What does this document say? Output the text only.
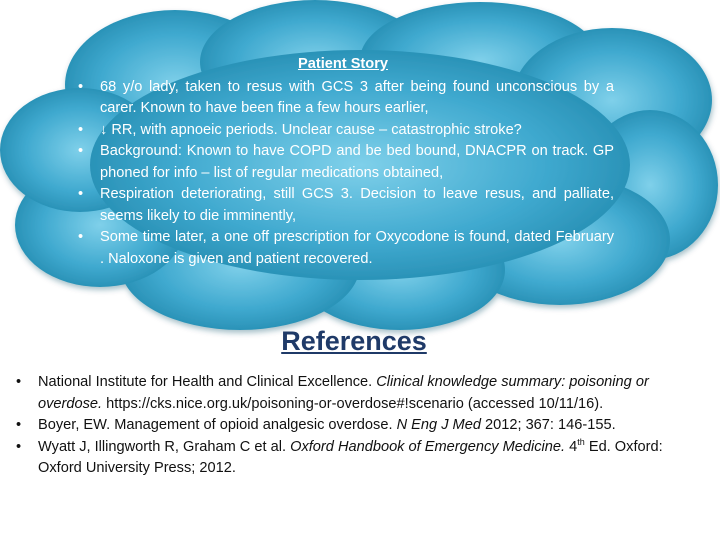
Patient Story
• 68 y/o lady, taken to resus with GCS 3 after being found unconscious by a carer. Known to have been fine a few hours earlier,
• ↓ RR, with apnoeic periods. Unclear cause – catastrophic stroke?
• Background: Known to have COPD and be bed bound, DNACPR on track. GP phoned for info – list of regular medications obtained,
• Respiration deteriorating, still GCS 3. Decision to leave resus, and palliate, seems likely to die imminently,
• Some time later, a one off prescription for Oxycodone is found, dated February . Naloxone is given and patient recovered.
References
• National Institute for Health and Clinical Excellence. Clinical knowledge summary: poisoning or overdose. https://cks.nice.org.uk/poisoning-or-overdose#!scenario (accessed 10/11/16).
• Boyer, EW. Management of opioid analgesic overdose. N Eng J Med 2012; 367: 146-155.
• Wyatt J, Illingworth R, Graham C et al. Oxford Handbook of Emergency Medicine. 4th Ed. Oxford: Oxford University Press; 2012.
